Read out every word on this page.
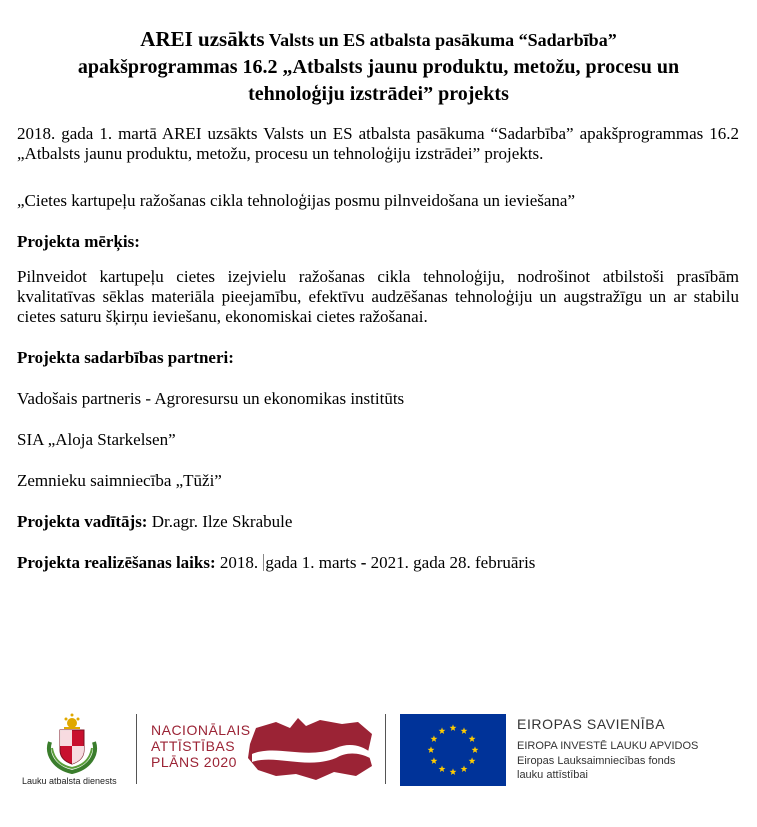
AREI uzsākts Valsts un ES atbalsta pasākuma “Sadarbība”
apakšprogrammas 16.2 „Atbalsts jaunu produktu, metožu, procesu un
tehnoloģiju izstrādei” projekts

2018. gada 1. martā AREI uzsākts Valsts un ES atbalsta pasākuma “Sadarbība” apakšprogrammas 16.2 „Atbalsts jaunu produktu, metožu, procesu un tehnoloģiju izstrādei” projekts.

„Cietes kartupeļu ražošanas cikla tehnoloģijas posmu pilnveidošana un ieviešana”

Projekta mērķis:

Pilnveidot kartupeļu cietes izejvielu ražošanas cikla tehnoloģiju, nodrošinot atbilstoši prasībām kvalitatīvas sēklas materiāla pieejamību, efektīvu audzēšanas tehnoloģiju un augstražīgu un ar stabilu cietes saturu šķirņu ieviešanu, ekonomiskai cietes ražošanai.

Projekta sadarbības partneri:

Vadošais partneris - Agroresursu un ekonomikas institūts

SIA „Aloja Starkelsen”

Zemnieku saimniecība „Tūži”

Projekta vadītājs: Dr.agr. Ilze Skrabule

Projekta realizēšanas laiks: 2018. gada 1. marts - 2021. gada 28. februāris

Lauku atbalsta dienests
NACIONĀLAIS
ATTĪSTĪBAS
PLĀNS 2020
EIROPAS SAVIENĪBA
EIROPA INVESTĒ LAUKU APVIDOS
Eiropas Lauksaimniecības fonds
lauku attīstībai
